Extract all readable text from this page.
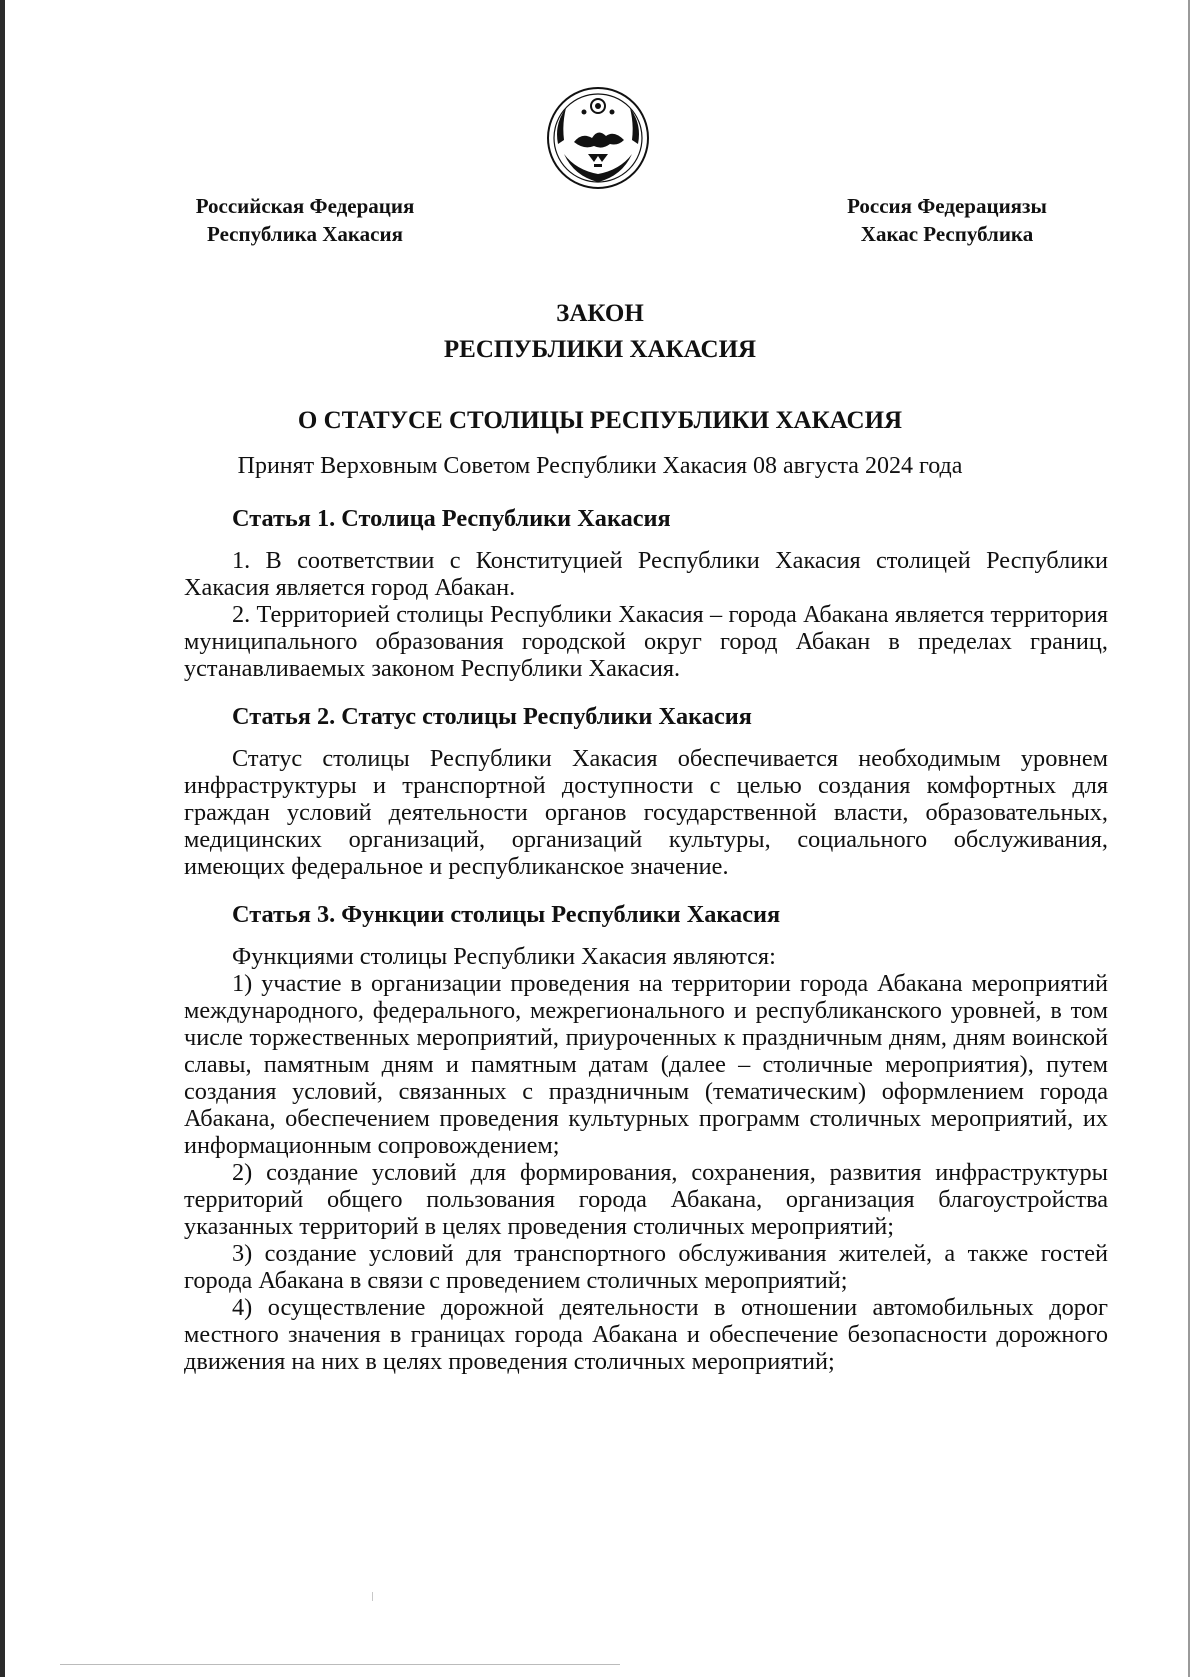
Российская Федерация
Республика Хакасия
Россия Федерациязы
Хакас Республика
ЗАКОН
РЕСПУБЛИКИ ХАКАСИЯ
О СТАТУСЕ СТОЛИЦЫ РЕСПУБЛИКИ ХАКАСИЯ
Принят Верховным Советом Республики Хакасия 08 августа 2024 года

Статья 1. Столица Республики Хакасия

1. В соответствии с Конституцией Республики Хакасия столицей Республики Хакасия является город Абакан.

2. Территорией столицы Республики Хакасия – города Абакана является территория муниципального образования городской округ город Абакан в пределах границ, устанавливаемых законом Республики Хакасия.

Статья 2. Статус столицы Республики Хакасия

Статус столицы Республики Хакасия обеспечивается необходимым уровнем инфраструктуры и транспортной доступности с целью создания комфортных для граждан условий деятельности органов государственной власти, образовательных, медицинских организаций, организаций культуры, социального обслуживания, имеющих федеральное и республиканское значение.

Статья 3. Функции столицы Республики Хакасия

Функциями столицы Республики Хакасия являются:

1) участие в организации проведения на территории города Абакана мероприятий международного, федерального, межрегионального и республиканского уровней, в том числе торжественных мероприятий, приуроченных к праздничным дням, дням воинской славы, памятным дням и памятным датам (далее – столичные мероприятия), путем создания условий, связанных с праздничным (тематическим) оформлением города Абакана, обеспечением проведения культурных программ столичных мероприятий, их информационным сопровождением;

2) создание условий для формирования, сохранения, развития инфраструктуры территорий общего пользования города Абакана, организация благоустройства указанных территорий в целях проведения столичных мероприятий;

3) создание условий для транспортного обслуживания жителей, а также гостей города Абакана в связи с проведением столичных мероприятий;

4) осуществление дорожной деятельности в отношении автомобильных дорог местного значения в границах города Абакана и обеспечение безопасности дорожного движения на них в целях проведения столичных мероприятий;
